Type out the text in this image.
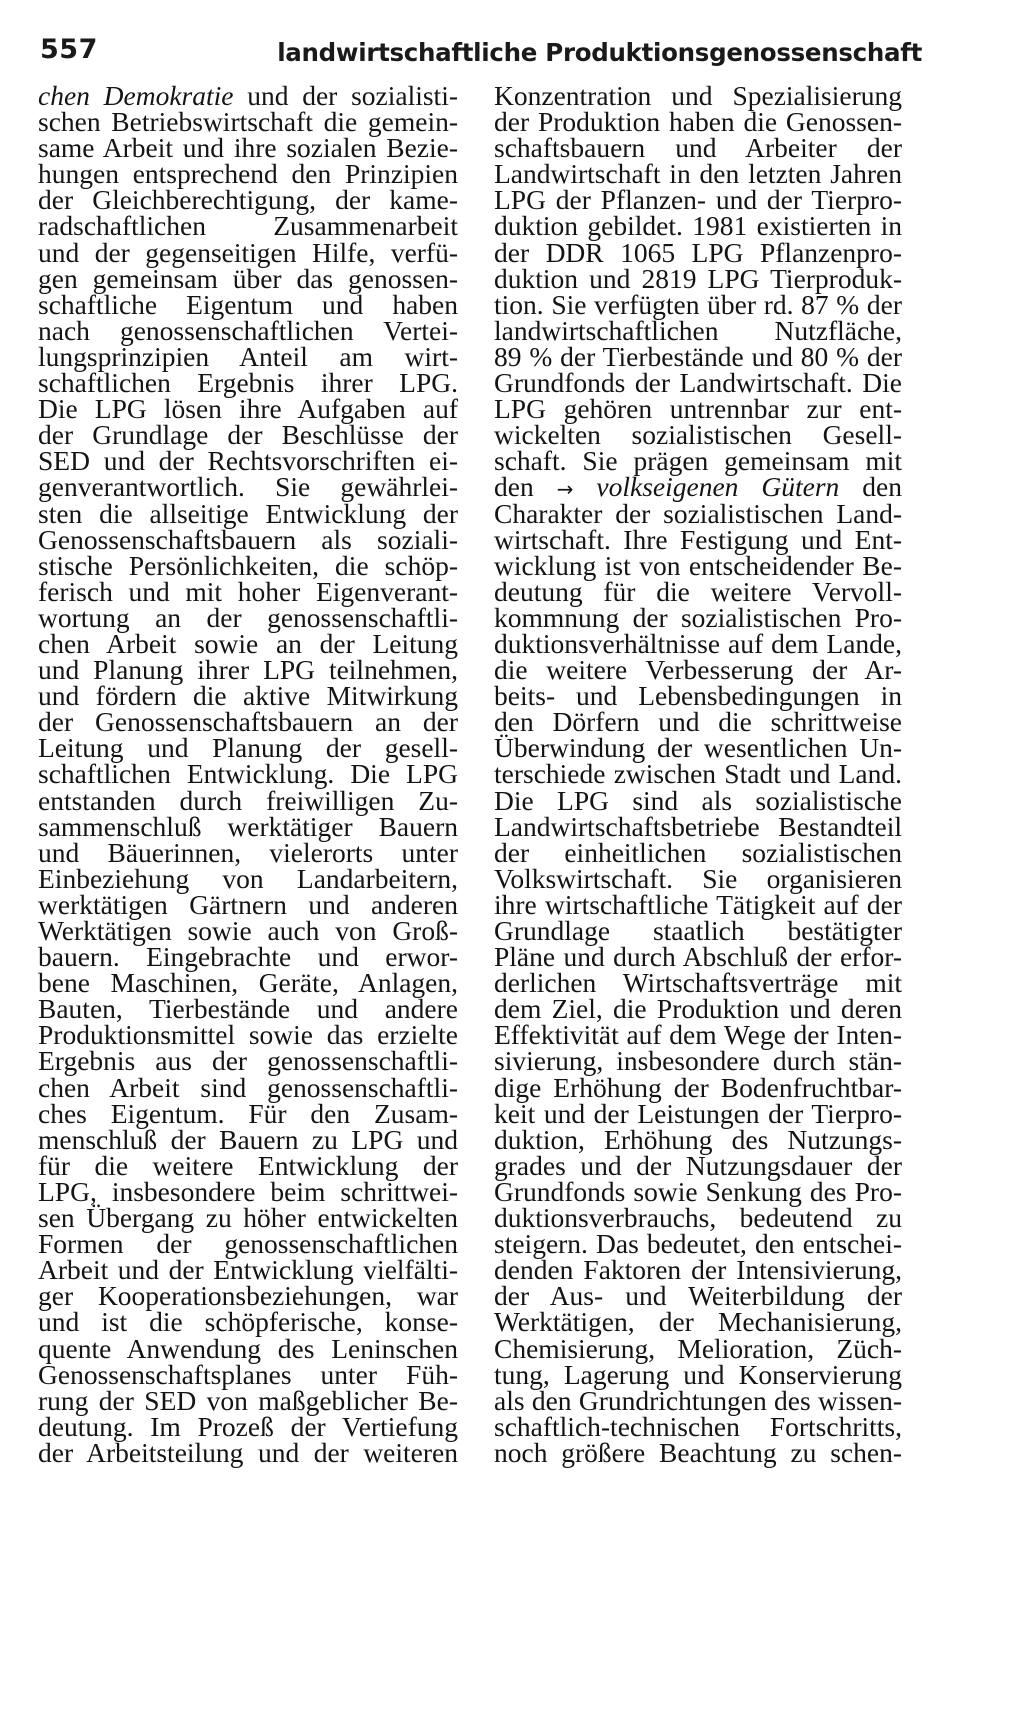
557	landwirtschaftliche Produktionsgenossenschaft
chen Demokratie und der sozialisti-
schen Betriebswirtschaft die gemein-
same Arbeit und ihre sozialen Bezie-
hungen entsprechend den Prinzipien
der Gleichberechtigung, der kame-
radschaftlichen Zusammenarbeit
und der gegenseitigen Hilfe, verfü-
gen gemeinsam über das genossen-
schaftliche Eigentum und haben
nach genossenschaftlichen Vertei-
lungsprinzipien Anteil am wirt-
schaftlichen Ergebnis ihrer LPG.
Die LPG lösen ihre Aufgaben auf
der Grundlage der Beschlüsse der
SED und der Rechtsvorschriften ei-
genverantwortlich. Sie gewährlei-
sten die allseitige Entwicklung der
Genossenschaftsbauern als soziali-
stische Persönlichkeiten, die schöp-
ferisch und mit hoher Eigenverant-
wortung an der genossenschaftli-
chen Arbeit sowie an der Leitung
und Planung ihrer LPG teilnehmen,
und fördern die aktive Mitwirkung
der Genossenschaftsbauern an der
Leitung und Planung der gesell-
schaftlichen Entwicklung. Die LPG
entstanden durch freiwilligen Zu-
sammenschluß werktätiger Bauern
und Bäuerinnen, vielerorts unter
Einbeziehung von Landarbeitern,
werktätigen Gärtnern und anderen
Werktätigen sowie auch von Groß-
bauern. Eingebrachte und erwor-
bene Maschinen, Geräte, Anlagen,
Bauten, Tierbestände und andere
Produktionsmittel sowie das erzielte
Ergebnis aus der genossenschaftli-
chen Arbeit sind genossenschaftli-
ches Eigentum. Für den Zusam-
menschluß der Bauern zu LPG und
für die weitere Entwicklung der
LPG, insbesondere beim schrittwei-
sen Übergang zu höher entwickelten
Formen der genossenschaftlichen
Arbeit und der Entwicklung vielfälti-
ger Kooperationsbeziehungen, war
und ist die schöpferische, konse-
quente Anwendung des Leninschen
Genossenschaftsplanes unter Füh-
rung der SED von maßgeblicher Be-
deutung. Im Prozeß der Vertiefung
der Arbeitsteilung und der weiteren
Konzentration und Spezialisierung
der Produktion haben die Genossen-
schaftsbauern und Arbeiter der
Landwirtschaft in den letzten Jahren
LPG der Pflanzen- und der Tierpro-
duktion gebildet. 1981 existierten in
der DDR 1065 LPG Pflanzenpro-
duktion und 2819 LPG Tierproduk-
tion. Sie verfügten über rd. 87 % der
landwirtschaftlichen Nutzfläche,
89 % der Tierbestände und 80 % der
Grundfonds der Landwirtschaft. Die
LPG gehören untrennbar zur ent-
wickelten sozialistischen Gesell-
schaft. Sie prägen gemeinsam mit
den → volkseigenen Gütern den
Charakter der sozialistischen Land-
wirtschaft. Ihre Festigung und Ent-
wicklung ist von entscheidender Be-
deutung für die weitere Vervoll-
kommnung der sozialistischen Pro-
duktionsverhältnisse auf dem Lande,
die weitere Verbesserung der Ar-
beits- und Lebensbedingungen in
den Dörfern und die schrittweise
Überwindung der wesentlichen Un-
terschiede zwischen Stadt und Land.
Die LPG sind als sozialistische
Landwirtschaftsbetriebe Bestandteil
der einheitlichen sozialistischen
Volkswirtschaft. Sie organisieren
ihre wirtschaftliche Tätigkeit auf der
Grundlage staatlich bestätigter
Pläne und durch Abschluß der erfor-
derlichen Wirtschaftsverträge mit
dem Ziel, die Produktion und deren
Effektivität auf dem Wege der Inten-
sivierung, insbesondere durch stän-
dige Erhöhung der Bodenfruchtbar-
keit und der Leistungen der Tierpro-
duktion, Erhöhung des Nutzungs-
grades und der Nutzungsdauer der
Grundfonds sowie Senkung des Pro-
duktionsverbrauchs, bedeutend zu
steigern. Das bedeutet, den entschei-
denden Faktoren der Intensivierung,
der Aus- und Weiterbildung der
Werktätigen, der Mechanisierung,
Chemisierung, Melioration, Züch-
tung, Lagerung und Konservierung
als den Grundrichtungen des wissen-
schaftlich-technischen Fortschritts,
noch größere Beachtung zu schen-
